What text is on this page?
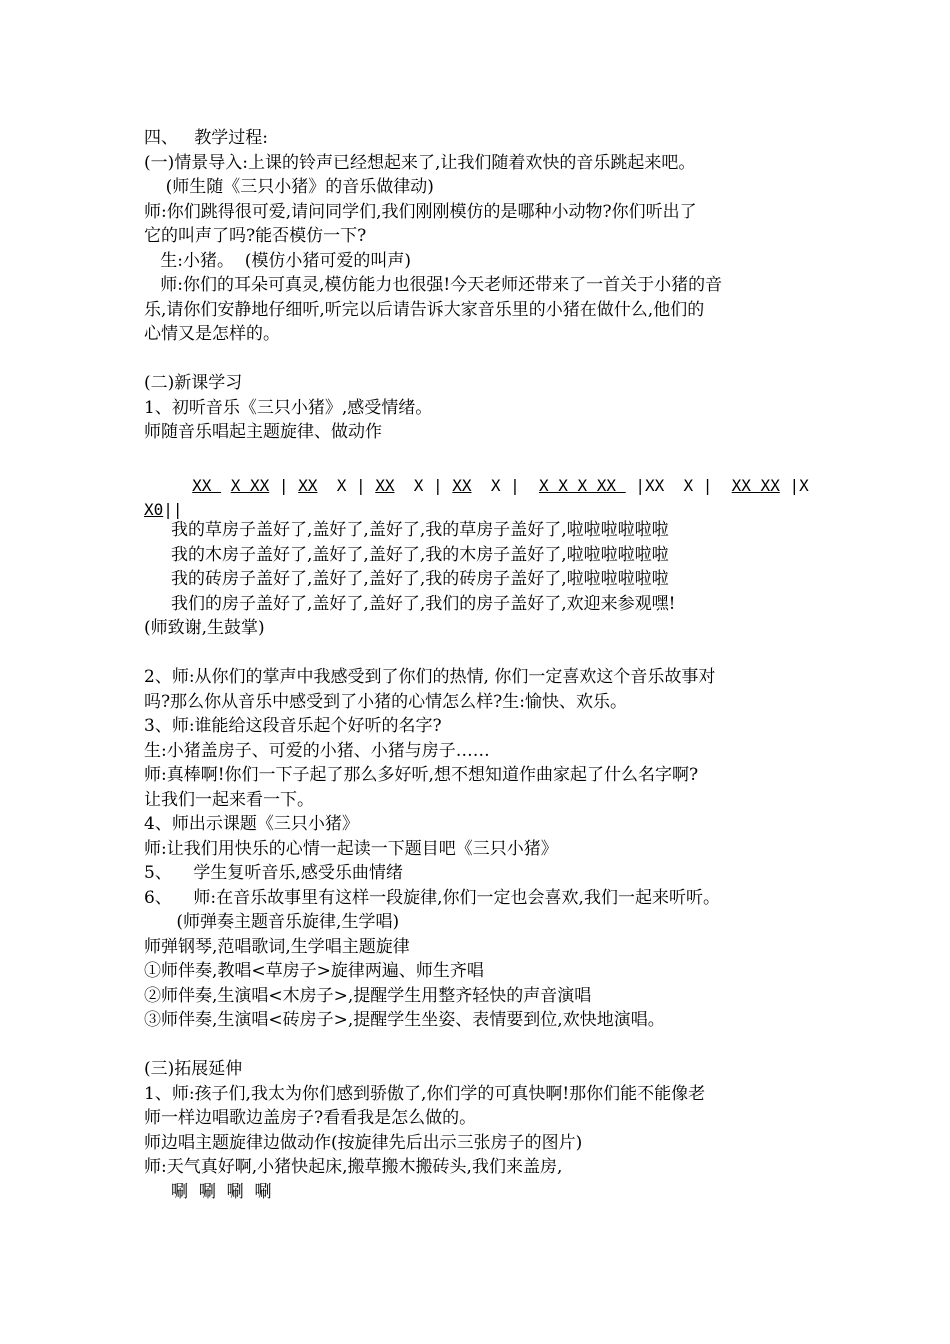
四、   教学过程:
(一)情景导入:上课的铃声已经想起来了,让我们随着欢快的音乐跳起来吧。
(师生随《三只小猪》的音乐做律动)
师:你们跳得很可爱,请问同学们,我们刚刚模仿的是哪种小动物?你们听出了
它的叫声了吗?能否模仿一下?
生:小猪。  (模仿小猪可爱的叫声)
师:你们的耳朵可真灵,模仿能力也很强!今天老师还带来了一首关于小猪的音
乐,请你们安静地仔细听,听完以后请告诉大家音乐里的小猪在做什么,他们的
心情又是怎样的。
(二)新课学习
1、初听音乐《三只小猪》,感受情绪。
师随音乐唱起主题旋律、做动作
我的草房子盖好了,盖好了,盖好了,我的草房子盖好了,啦啦啦啦啦啦
我的木房子盖好了,盖好了,盖好了,我的木房子盖好了,啦啦啦啦啦啦
我的砖房子盖好了,盖好了,盖好了,我的砖房子盖好了,啦啦啦啦啦啦
我们的房子盖好了,盖好了,盖好了,我们的房子盖好了,欢迎来参观嘿!
(师致谢,生鼓掌)
2、师:从你们的掌声中我感受到了你们的热情, 你们一定喜欢这个音乐故事对
吗?那么你从音乐中感受到了小猪的心情怎么样?生:愉快、欢乐。
3、师:谁能给这段音乐起个好听的名字?
生:小猪盖房子、可爱的小猪、小猪与房子……
师:真棒啊!你们一下子起了那么多好听,想不想知道作曲家起了什么名字啊?
让我们一起来看一下。
4、师出示课题《三只小猪》
师:让我们用快乐的心情一起读一下题目吧《三只小猪》
5、    学生复听音乐,感受乐曲情绪
6、    师:在音乐故事里有这样一段旋律,你们一定也会喜欢,我们一起来听听。
(师弹奏主题音乐旋律,生学唱)
师弹钢琴,范唱歌词,生学唱主题旋律
①师伴奏,教唱<草房子>旋律两遍、师生齐唱
②师伴奏,生演唱<木房子>,提醒学生用整齐轻快的声音演唱
③师伴奏,生演唱<砖房子>,提醒学生坐姿、表情要到位,欢快地演唱。
(三)拓展延伸
1、师:孩子们,我太为你们感到骄傲了,你们学的可真快啊!那你们能不能像老
师一样边唱歌边盖房子?看看我是怎么做的。
师边唱主题旋律边做动作(按旋律先后出示三张房子的图片)
师:天气真好啊,小猪快起床,搬草搬木搬砖头,我们来盖房,
唰  唰  唰  唰
XX  X XX | XX  X | XX  X | XX  X |  X X X XX  |XX  X |  XX XX |X
X0||
